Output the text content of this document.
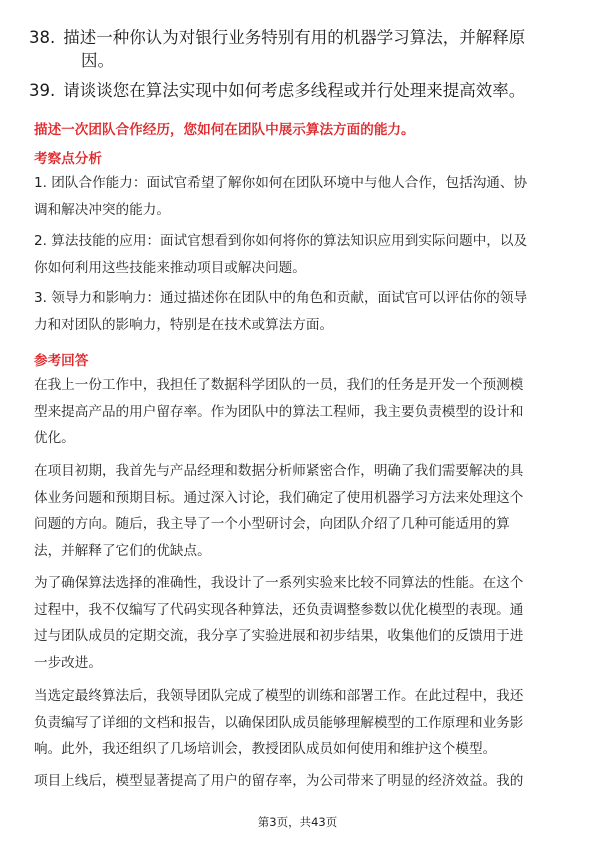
38. 描述一种你认为对银行业务特别有用的机器学习算法，并解释原
因。
39. 请谈谈您在算法实现中如何考虑多线程或并行处理来提高效率。
描述一次团队合作经历，您如何在团队中展示算法方面的能力。
考察点分析

1. 团队合作能力：面试官希望了解你如何在团队环境中与他人合作，包括沟通、协
调和解决冲突的能力。

2. 算法技能的应用：面试官想看到你如何将你的算法知识应用到实际问题中，以及
你如何利用这些技能来推动项目或解决问题。

3. 领导力和影响力：通过描述你在团队中的角色和贡献，面试官可以评估你的领导
力和对团队的影响力，特别是在技术或算法方面。

参考回答

在我上一份工作中，我担任了数据科学团队的一员，我们的任务是开发一个预测模
型来提高产品的用户留存率。作为团队中的算法工程师，我主要负责模型的设计和
优化。

在项目初期，我首先与产品经理和数据分析师紧密合作，明确了我们需要解决的具
体业务问题和预期目标。通过深入讨论，我们确定了使用机器学习方法来处理这个
问题的方向。随后，我主导了一个小型研讨会，向团队介绍了几种可能适用的算
法，并解释了它们的优缺点。

为了确保算法选择的准确性，我设计了一系列实验来比较不同算法的性能。在这个
过程中，我不仅编写了代码实现各种算法，还负责调整参数以优化模型的表现。通
过与团队成员的定期交流，我分享了实验进展和初步结果，收集他们的反馈用于进
一步改进。

当选定最终算法后，我领导团队完成了模型的训练和部署工作。在此过程中，我还
负责编写了详细的文档和报告，以确保团队成员能够理解模型的工作原理和业务影
响。此外，我还组织了几场培训会，教授团队成员如何使用和维护这个模型。

项目上线后，模型显著提高了用户的留存率，为公司带来了明显的经济效益。我的

第3页，共43页
